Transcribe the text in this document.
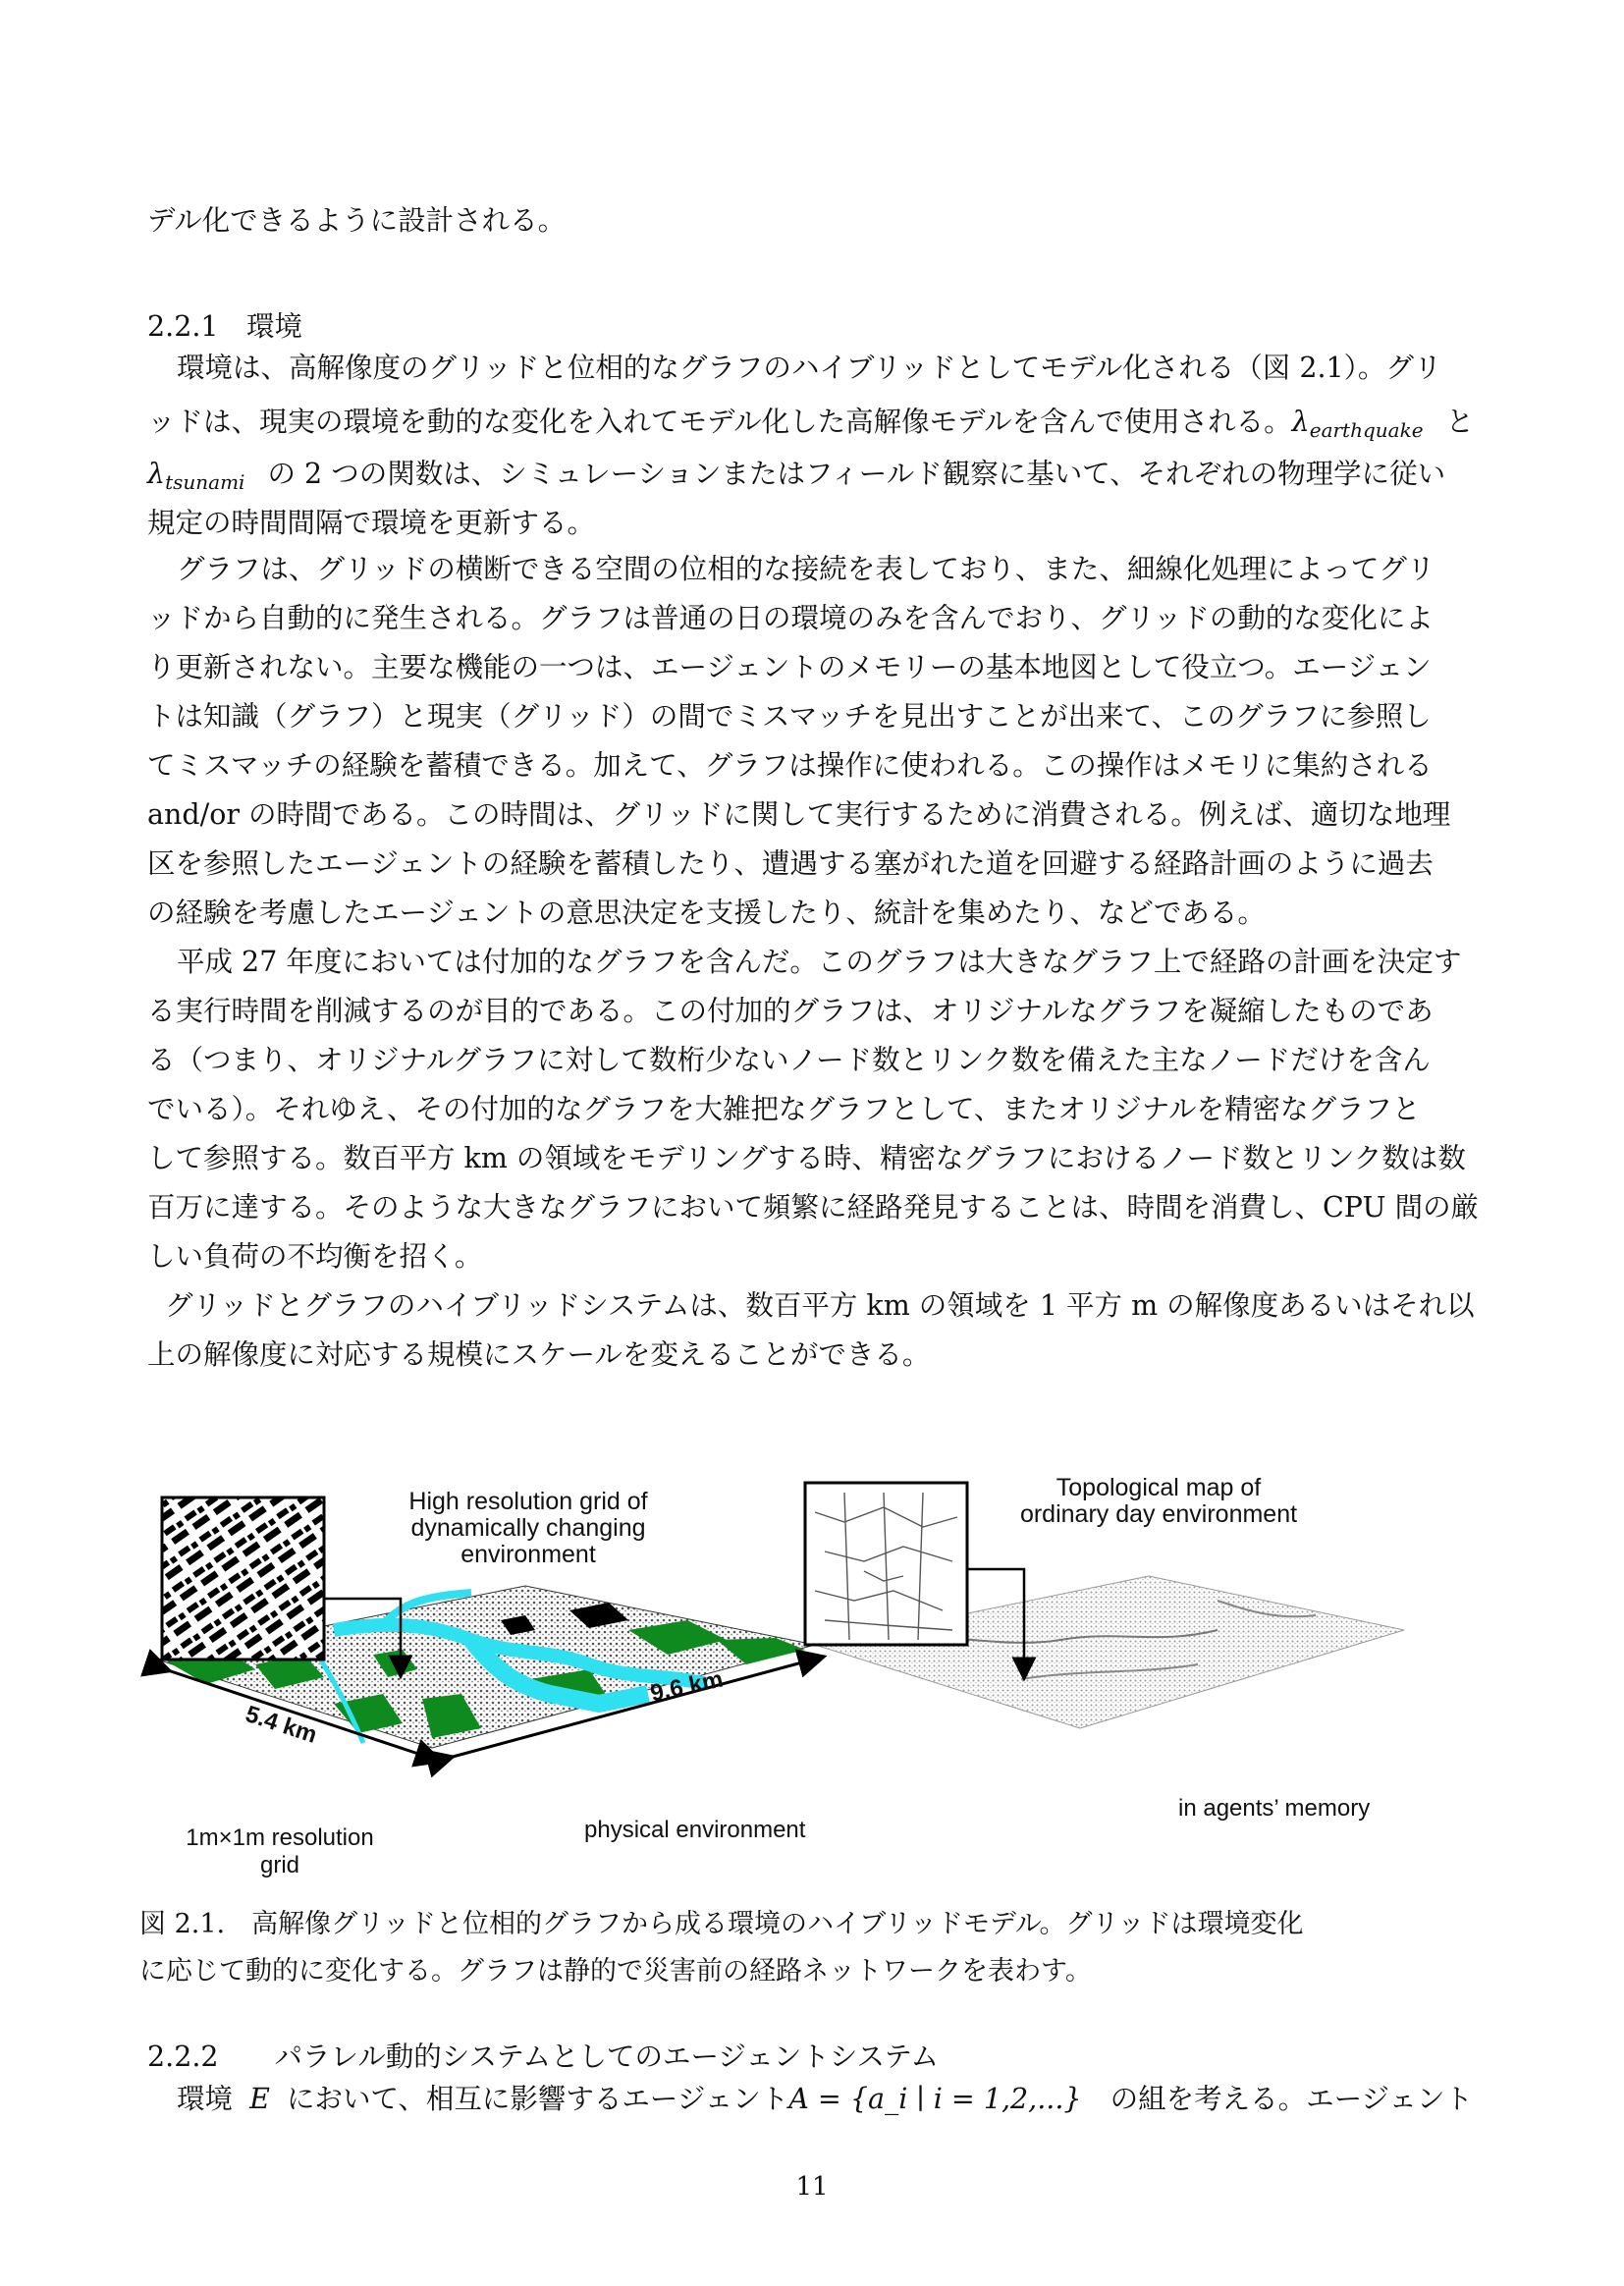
デル化できるように設計される。
2.2.1　環境
環境は、高解像度のグリッドと位相的なグラフのハイブリッドとしてモデル化される（図 2.1）。グリ
ッドは、現実の環境を動的な変化を入れてモデル化した高解像モデルを含んで使用される。$\lambda_{earthquake}$ と
$\lambda_{tsunami}$ の 2 つの関数は、シミュレーションまたはフィールド観察に基いて、それぞれの物理学に従い
規定の時間間隔で環境を更新する。
グラフは、グリッドの横断できる空間の位相的な接続を表しており、また、細線化処理によってグリ
ッドから自動的に発生される。グラフは普通の日の環境のみを含んでおり、グリッドの動的な変化によ
り更新されない。主要な機能の一つは、エージェントのメモリーの基本地図として役立つ。エージェン
トは知識（グラフ）と現実（グリッド）の間でミスマッチを見出すことが出来て、このグラフに参照し
てミスマッチの経験を蓄積できる。加えて、グラフは操作に使われる。この操作はメモリに集約される
and/or の時間である。この時間は、グリッドに関して実行するために消費される。例えば、適切な地理
区を参照したエージェントの経験を蓄積したり、遭遇する塞がれた道を回避する経路計画のように過去
の経験を考慮したエージェントの意思決定を支援したり、統計を集めたり、などである。
平成 27 年度においては付加的なグラフを含んだ。このグラフは大きなグラフ上で経路の計画を決定す
る実行時間を削減するのが目的である。この付加的グラフは、オリジナルなグラフを凝縮したものであ
る（つまり、オリジナルグラフに対して数桁少ないノード数とリンク数を備えた主なノードだけを含ん
でいる）。それゆえ、その付加的なグラフを大雑把なグラフとして、またオリジナルを精密なグラフと
して参照する。数百平方 km の領域をモデリングする時、精密なグラフにおけるノード数とリンク数は数
百万に達する。そのような大きなグラフにおいて頻繁に経路発見することは、時間を消費し、CPU 間の厳
しい負荷の不均衡を招く。
グリッドとグラフのハイブリッドシステムは、数百平方 km の領域を 1 平方 m の解像度あるいはそれ以
上の解像度に対応する規模にスケールを変えることができる。
High resolution grid of
dynamically changing
environment
Topological map of
ordinary day environment
5.4 km
9.6 km
1m×1m resolution
grid
physical environment
in agents’ memory
図 2.1.　高解像グリッドと位相的グラフから成る環境のハイブリッドモデル。グリッドは環境変化
に応じて動的に変化する。グラフは静的で災害前の経路ネットワークを表わす。
2.2.2　　パラレル動的システムとしてのエージェントシステム
環境 E において、相互に影響するエージェントA = {a_i ∣ i = 1,2,...} の組を考える。エージェント
11
